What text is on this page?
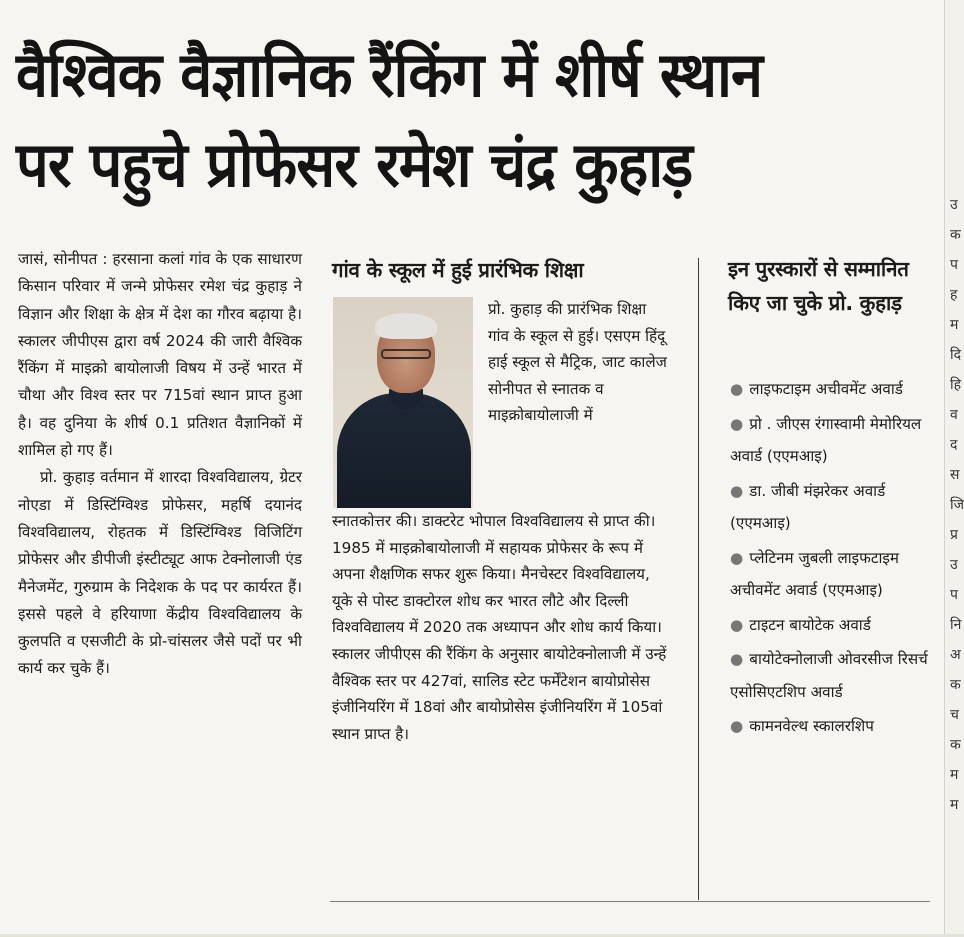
वैश्विक वैज्ञानिक रैंकिंग में शीर्ष स्थान
पर पहुचे प्रोफेसर रमेश चंद्र कुहाड़

जासं, सोनीपत : हरसाना कलां गांव के एक साधारण किसान परिवार में जन्मे प्रोफेसर रमेश चंद्र कुहाड़ ने विज्ञान और शिक्षा के क्षेत्र में देश का गौरव बढ़ाया है। स्कालर जीपीएस द्वारा वर्ष 2024 की जारी वैश्विक रैंकिंग में माइक्रो बायोलाजी विषय में उन्हें भारत में चौथा और विश्व स्तर पर 715वां स्थान प्राप्त हुआ है। वह दुनिया के शीर्ष 0.1 प्रतिशत वैज्ञानिकों में शामिल हो गए हैं।

प्रो. कुहाड़ वर्तमान में शारदा विश्वविद्यालय, ग्रेटर नोएडा में डिस्टिंग्विश्ड प्रोफेसर, महर्षि दयानंद विश्वविद्यालय, रोहतक में डिस्टिंग्विश्ड विजिटिंग प्रोफेसर और डीपीजी इंस्टीट्यूट आफ टेक्नोलाजी एंड मैनेजमेंट, गुरुग्राम के निदेशक के पद पर कार्यरत हैं। इससे पहले वे हरियाणा केंद्रीय विश्वविद्यालय के कुलपति व एसजीटी के प्रो-चांसलर जैसे पदों पर भी कार्य कर चुके हैं।

गांव के स्कूल में हुई प्रारंभिक शिक्षा

प्रो. कुहाड़ की प्रारंभिक शिक्षा गांव के स्कूल से हुई। एसएम हिंदू हाई स्कूल से मैट्रिक, जाट कालेज सोनीपत से स्नातक व माइक्रोबायोलाजी में

स्नातकोत्तर की। डाक्टरेट भोपाल विश्वविद्यालय से प्राप्त की। 1985 में माइक्रोबायोलाजी में सहायक प्रोफेसर के रूप में अपना शैक्षणिक सफर शुरू किया। मैनचेस्टर विश्वविद्यालय, यूके से पोस्ट डाक्टोरल शोध कर भारत लौटे और दिल्ली विश्वविद्यालय में 2020 तक अध्यापन और शोध कार्य किया। स्कालर जीपीएस की रैंकिंग के अनुसार बायोटेक्नोलाजी में उन्हें वैश्विक स्तर पर 427वां, सालिड स्टेट फर्मेंटेशन बायोप्रोसेस इंजीनियरिंग में 18वां और बायोप्रोसेस इंजीनियरिंग में 105वां स्थान प्राप्त है।

इन पुरस्कारों से सम्मानित किए जा चुके प्रो. कुहाड़
● लाइफटाइम अचीवमेंट अवार्ड
● प्रो . जीएस रंगास्वामी मेमोरियल अवार्ड (एएमआइ)
● डा. जीबी मंझरेकर अवार्ड (एएमआइ)
● प्लेटिनम जुबली लाइफटाइम अचीवमेंट अवार्ड (एएमआइ)
● टाइटन बायोटेक अवार्ड
● बायोटेक्नोलाजी ओवरसीज रिसर्च एसोसिएटशिप अवार्ड
● कामनवेल्थ स्कालरशिप
उ
क
प
ह
म
दि
हि
व
द
स
जि
प्र
उ
प
नि
अ
क
च
क
म
म
